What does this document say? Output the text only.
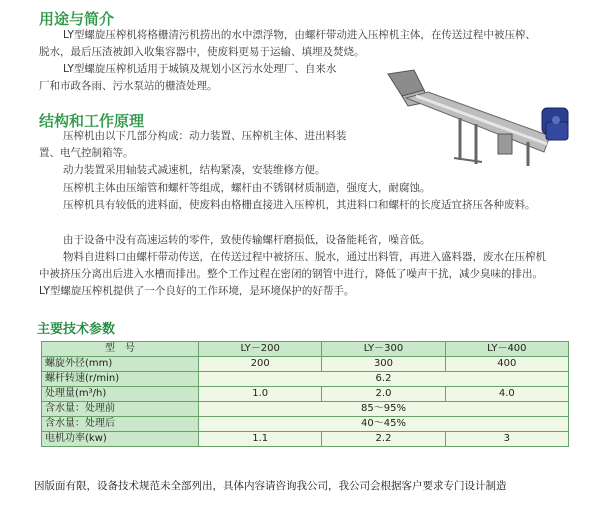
用途与简介
LY型螺旋压榨机将格栅清污机捞出的水中漂浮物，由螺杆带动进入压榨机主体，在传送过程中被压榨、
脱水，最后压渣被卸入收集容器中，使废料更易于运输、填埋及焚烧。
LY型螺旋压榨机适用于城镇及规划小区污水处理厂、自来水
厂和市政各雨、污水泵站的栅渣处理。
结构和工作原理
压榨机由以下几部分构成：动力装置、压榨机主体、进出料装
置、电气控制箱等。
动力装置采用轴装式减速机，结构紧凑，安装维修方便。
压榨机主体由压缩管和螺杆等组成，螺杆由不锈钢材质制造，强度大，耐腐蚀。
压榨机具有较低的进料面，使废料由格栅直接进入压榨机，其进料口和螺杆的长度适宜挤压各种废料。
由于设备中没有高速运转的零件，致使传输螺杆磨损低，设备能耗省，噪音低。
物料自进料口由螺杆带动传送，在传送过程中被挤压、脱水，通过出料管，再进入盛料器，废水在压榨机
中被挤压分离出后进入水槽而排出。整个工作过程在密闭的钢管中进行，降低了噪声干扰，减少臭味的排出。
LY型螺旋压榨机提供了一个良好的工作环境，是环境保护的好帮手。
主要技术参数
型　号	LY－200	LY－300	LY－400
螺旋外径(mm)	200	300	400
螺杆转速(r/min)	6.2		
处理量(m³/h)	1.0	2.0	4.0
含水量：处理前	85～95%		
含水量：处理后	40～45%		
电机功率(kw)	1.1	2.2	3
因版面有限，设备技术规范未全部列出，具体内容请咨询我公司，我公司会根据客户要求专门设计制造
